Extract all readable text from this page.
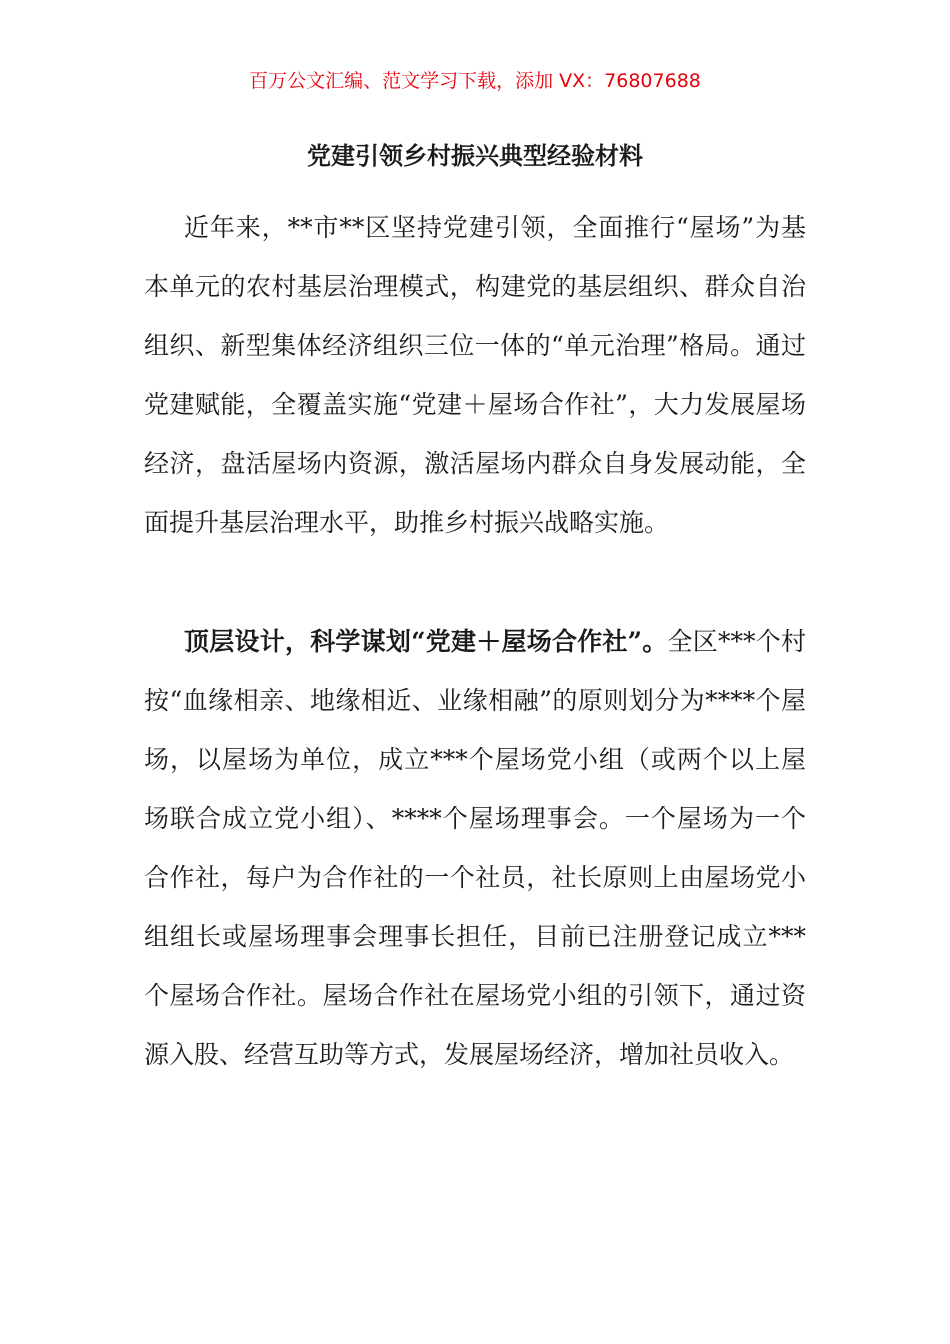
百万公文汇编、范文学习下载，添加 VX：76807688
党建引领乡村振兴典型经验材料

近年来，**市**区坚持党建引领，全面推行“屋场”为基本单元的农村基层治理模式，构建党的基层组织、群众自治组织、新型集体经济组织三位一体的“单元治理”格局。通过党建赋能，全覆盖实施“党建＋屋场合作社”，大力发展屋场经济，盘活屋场内资源，激活屋场内群众自身发展动能，全面提升基层治理水平，助推乡村振兴战略实施。

顶层设计，科学谋划“党建＋屋场合作社”。全区***个村按“血缘相亲、地缘相近、业缘相融”的原则划分为****个屋场，以屋场为单位，成立***个屋场党小组（或两个以上屋场联合成立党小组）、****个屋场理事会。一个屋场为一个合作社，每户为合作社的一个社员，社长原则上由屋场党小组组长或屋场理事会理事长担任，目前已注册登记成立***个屋场合作社。屋场合作社在屋场党小组的引领下，通过资源入股、经营互助等方式，发展屋场经济，增加社员收入。
